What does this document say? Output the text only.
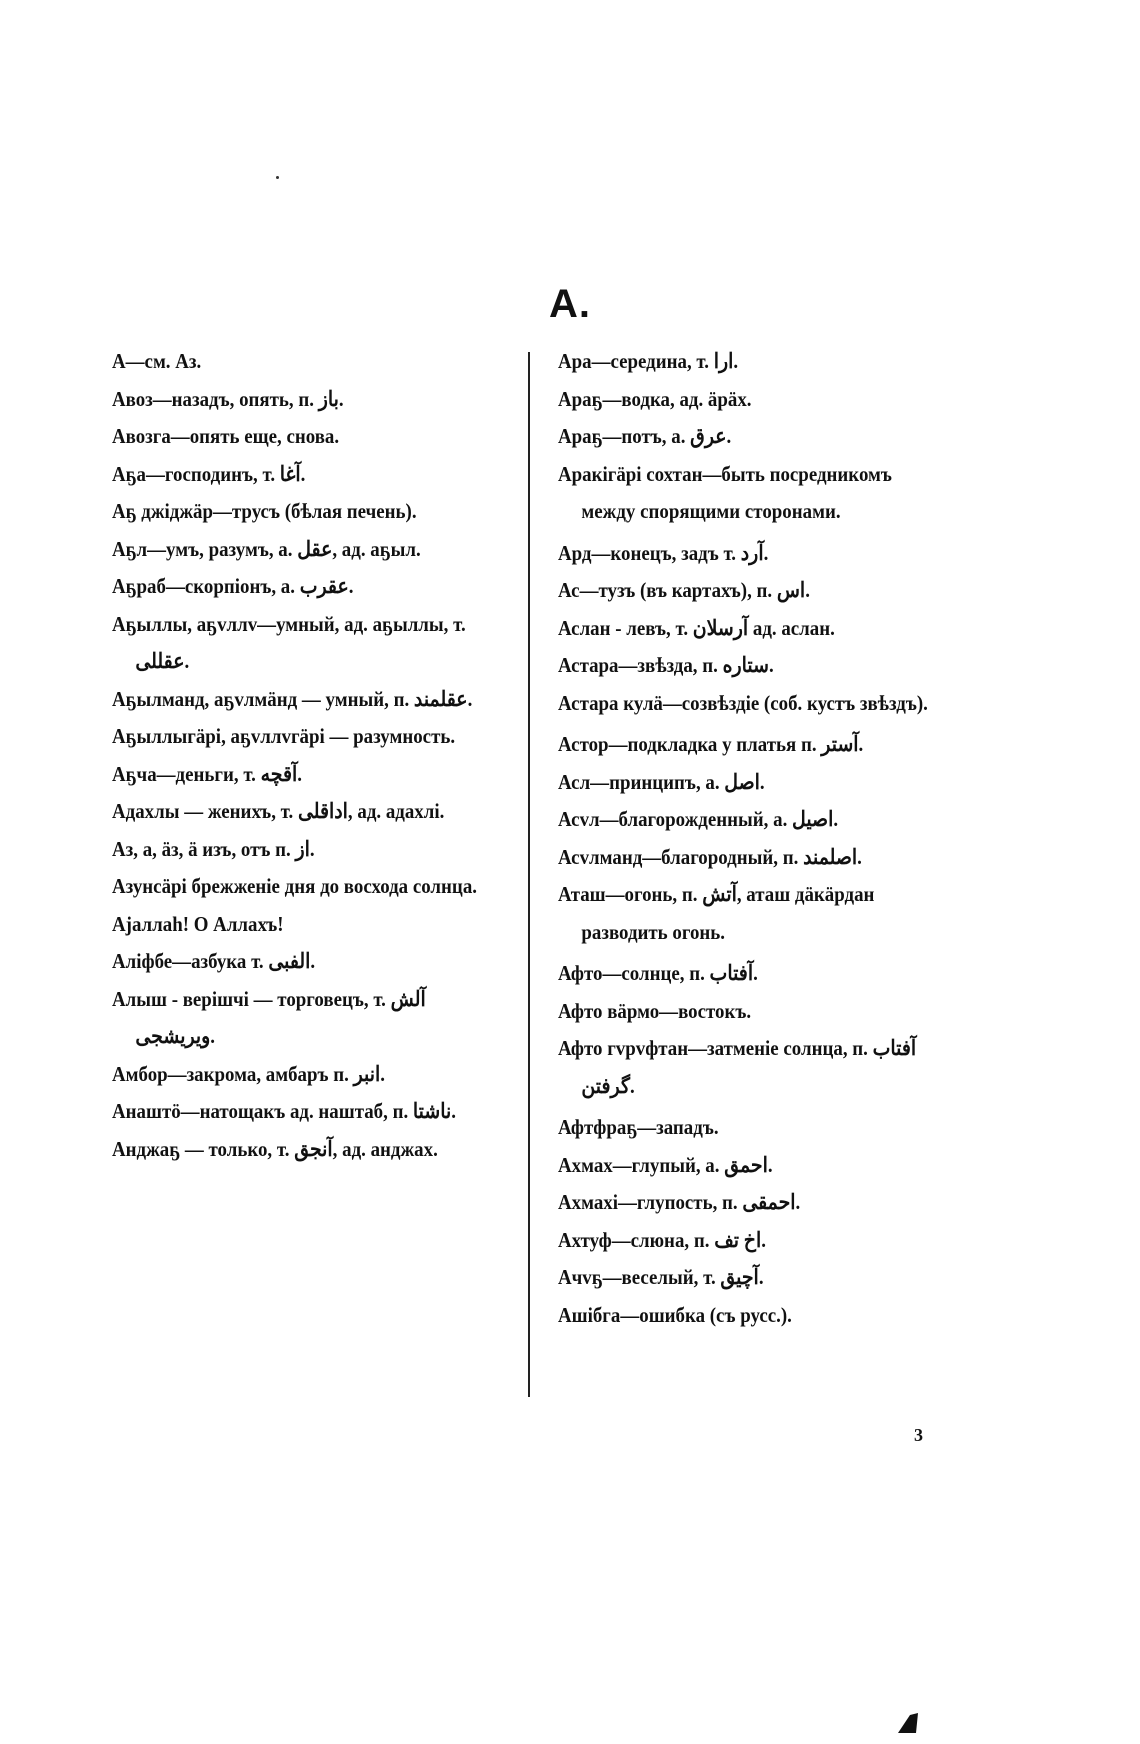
А.

А—см. Аз.

Авоз—назадъ, опять, п. باز.

Авозга—опять еще, снова.

Аҕа—господинъ, т. آغا.

Аҕ джіджäр—трусъ (бѣлая печень).

Аҕл—умъ, разумъ, а. عقل, ад. аҕыл.

Аҕраб—скорпіонъ, а. عقرب.

Аҕыллы, аҕvллv—умный, ад. аҕыллы, т. عقللى.

Аҕылманд, аҕvлмäнд — умный, п. عقلمند.

Аҕыллыгäрі, аҕvллvгäрі — разумность.

Аҕча—деньги, т. آقچه.

Адахлы — женихъ, т. اداقلى, ад. адахлі.

Аз, а, äз, ä изъ, отъ п. از.

Азунсäрі брежженіе дня до восхода солнца.

Аjаллаh! О Аллахъ!

Аліфбе—азбука т. الفبى.

Алыш - верішчі — торговецъ, т. آلش ويريشجى.

Амбор—закрома, амбаръ п. انبر.

Анаштö—натощакъ ад. наштаб, п. ناشتا.

Анджаҕ — только, т. آنجق, ад. анджах.

Ара—середина, т. ارا.

Араҕ—водка, ад. äрäх.

Араҕ—потъ, а. عرق.

Аракігäрі сохтан—быть посредникомъ между спорящими сторонами.

Ард—конецъ, задъ т. آرد.

Ас—тузъ (въ картахъ), п. اس.

Аслан - левъ, т. آرسلان ад. аслан.

Астара—звѣзда, п. ستاره.

Астара кулä—созвѣздіе (соб. кустъ звѣздъ).

Астор—подкладка у платья п. آستر.

Асл—принципъ, а. اصل.

Асvл—благорожденный, а. اصيل.

Асvлманд—благородный, п. اصلمند.

Аташ—огонь, п. آتش, аташ дäкäрдан разводить огонь.

Афто—солнце, п. آفتاب.

Афто вäрмо—востокъ.

Афто гvрvфтан—затменіе солнца, п. آفتاب گرفتن.

Афтфраҕ—западъ.

Ахмах—глупый, а. احمق.

Ахмахі—глупость, п. احمقى.

Ахтуф—слюна, п. اخ تف.

Ачvҕ—веселый, т. آچيق.

Ашібга—ошибка (съ русс.).

3
